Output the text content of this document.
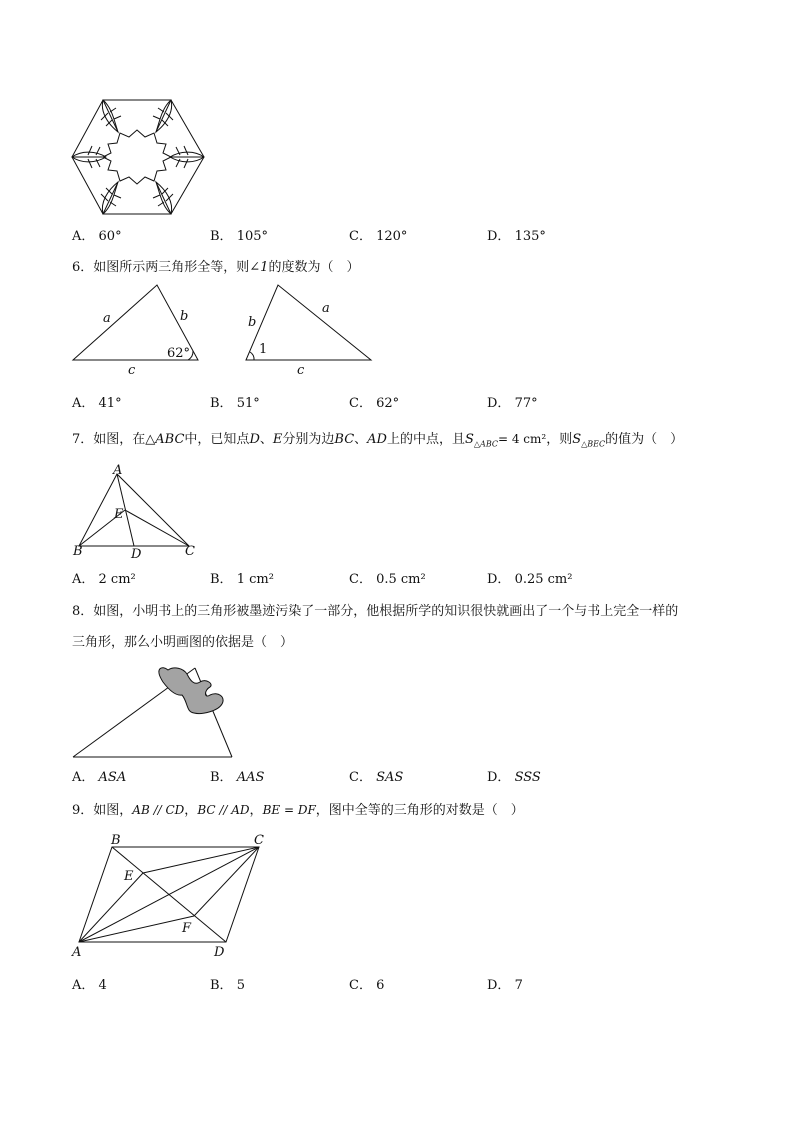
A． 60°	B． 105°	C． 120°	D． 135°
6．如图所示两三角形全等，则∠1的度数为（　）
a	b
c
62°
b
a
c
1
A． 41°	B． 51°	C． 62°	D． 77°
7．如图，在△ABC中，已知点D、E分别为边BC、AD上的中点，且$S_{\triangle ABC}= 4$ cm²，则$S_{\triangle BEC}$的值为（　）
A
B	C
D
E
A． 2 cm²	B． 1 cm²	C． 0.5 cm²	D． 0.25 cm²
8．如图，小明书上的三角形被墨迹污染了一部分，他根据所学的知识很快就画出了一个与书上完全一样的
三角形，那么小明画图的依据是（　）
A． ASA	B． AAS	C． SAS	D． SSS
9．如图，AB // CD，BC // AD，BE = DF，图中全等的三角形的对数是（　）
B	C
A	D
E
F
A． 4	B． 5	C． 6	D． 7
